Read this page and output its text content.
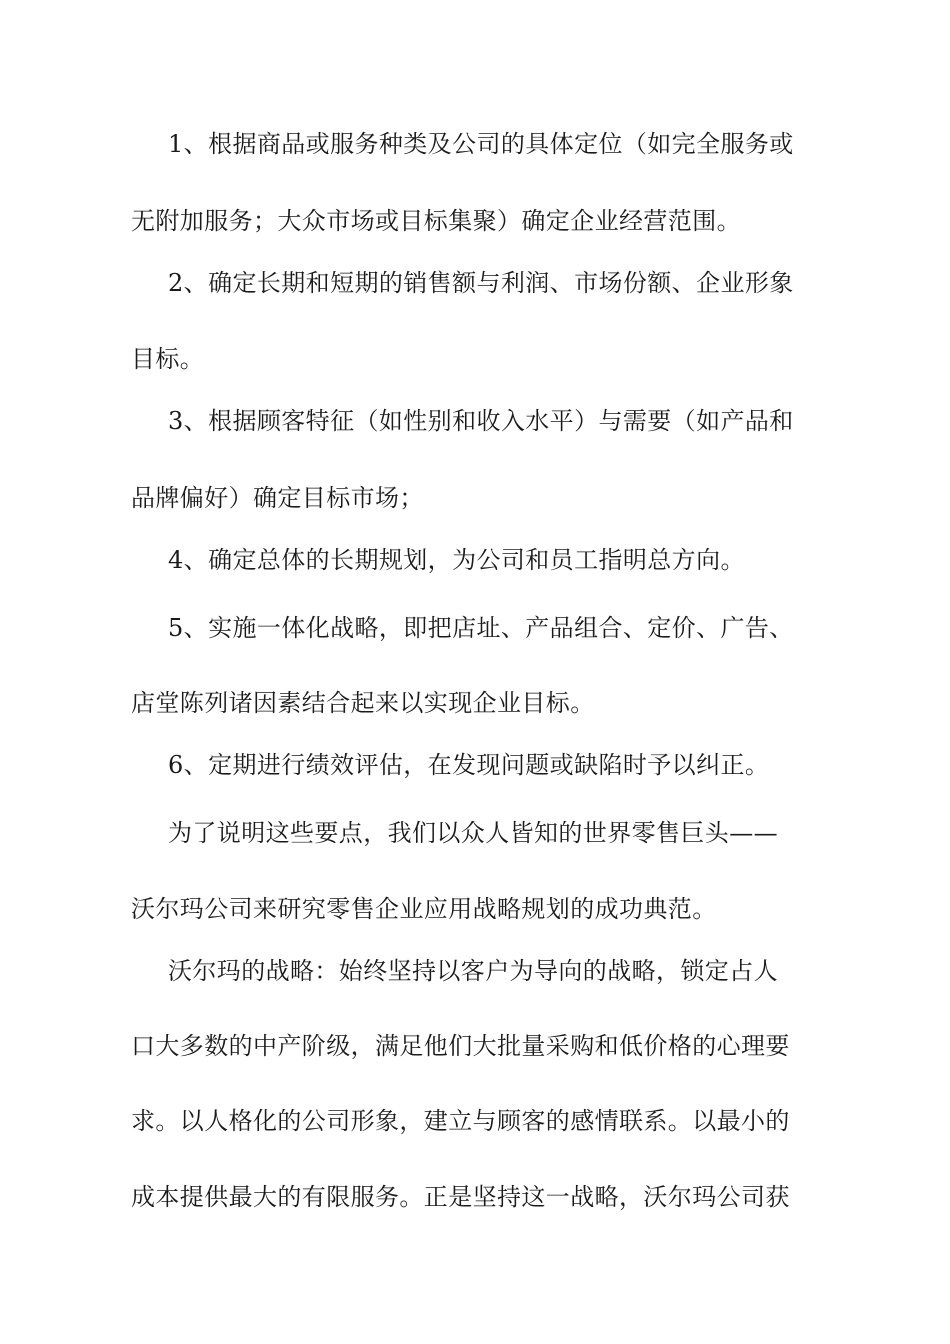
1、根据商品或服务种类及公司的具体定位（如完全服务或
无附加服务；大众市场或目标集聚）确定企业经营范围。
2、确定长期和短期的销售额与利润、市场份额、企业形象
目标。
3、根据顾客特征（如性别和收入水平）与需要（如产品和
品牌偏好）确定目标市场；
4、确定总体的长期规划，为公司和员工指明总方向。
5、实施一体化战略，即把店址、产品组合、定价、广告、
店堂陈列诸因素结合起来以实现企业目标。
6、定期进行绩效评估，在发现问题或缺陷时予以纠正。
为了说明这些要点，我们以众人皆知的世界零售巨头——
沃尔玛公司来研究零售企业应用战略规划的成功典范。
沃尔玛的战略：始终坚持以客户为导向的战略，锁定占人
口大多数的中产阶级，满足他们大批量采购和低价格的心理要
求。以人格化的公司形象，建立与顾客的感情联系。以最小的
成本提供最大的有限服务。正是坚持这一战略，沃尔玛公司获
